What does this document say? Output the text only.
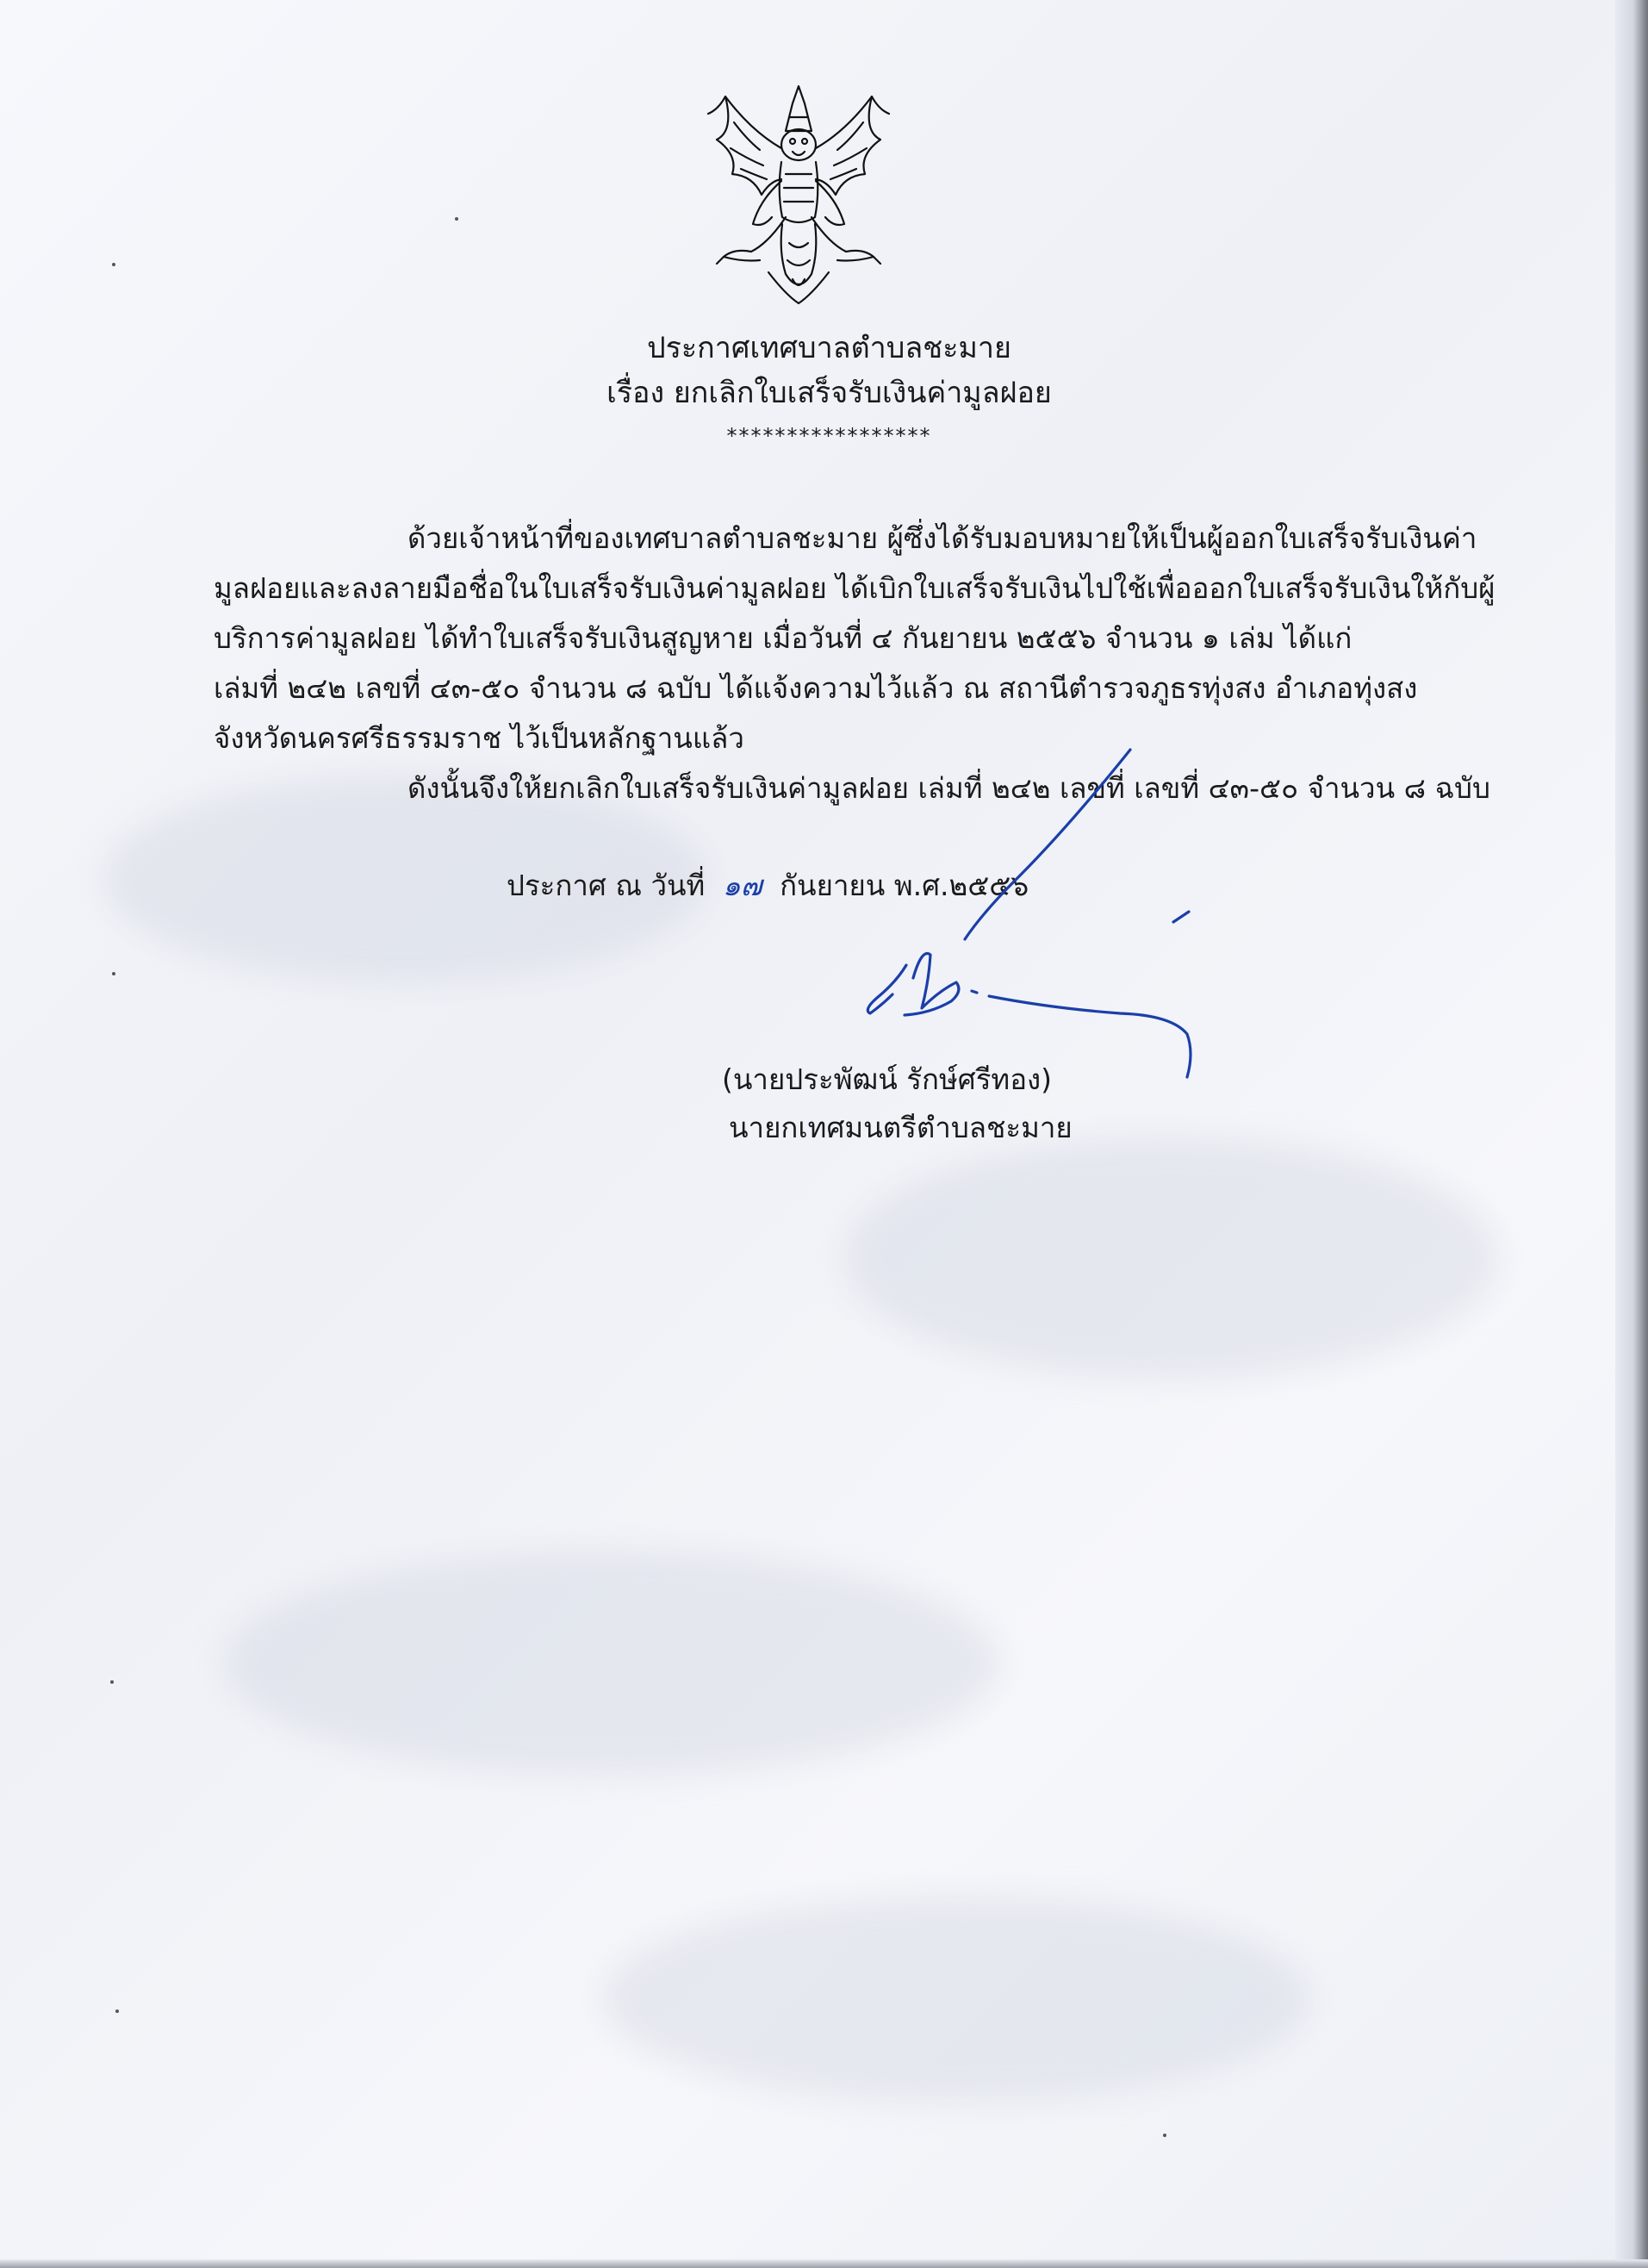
ประกาศเทศบาลตำบลชะมาย
เรื่อง ยกเลิกใบเสร็จรับเงินค่ามูลฝอย
*****************
ด้วยเจ้าหน้าที่ของเทศบาลตำบลชะมาย ผู้ซึ่งได้รับมอบหมายให้เป็นผู้ออกใบเสร็จรับเงินค่า
มูลฝอยและลงลายมือชื่อในใบเสร็จรับเงินค่ามูลฝอย ได้เบิกใบเสร็จรับเงินไปใช้เพื่อออกใบเสร็จรับเงินให้กับผู้
บริการค่ามูลฝอย ได้ทำใบเสร็จรับเงินสูญหาย เมื่อวันที่ ๔ กันยายน ๒๕๕๖ จำนวน ๑ เล่ม ได้แก่
เล่มที่ ๒๔๒ เลขที่ ๔๓-๕๐ จำนวน ๘ ฉบับ ได้แจ้งความไว้แล้ว ณ สถานีตำรวจภูธรทุ่งสง อำเภอทุ่งสง
จังหวัดนครศรีธรรมราช ไว้เป็นหลักฐานแล้ว
ดังนั้นจึงให้ยกเลิกใบเสร็จรับเงินค่ามูลฝอย เล่มที่ ๒๔๒ เลขที่ เลขที่ ๔๓-๕๐ จำนวน ๘ ฉบับ
ประกาศ ณ วันที่ ๑๗ กันยายน พ.ศ.๒๕๕๖
(นายประพัฒน์ รักษ์ศรีทอง)
นายกเทศมนตรีตำบลชะมาย
